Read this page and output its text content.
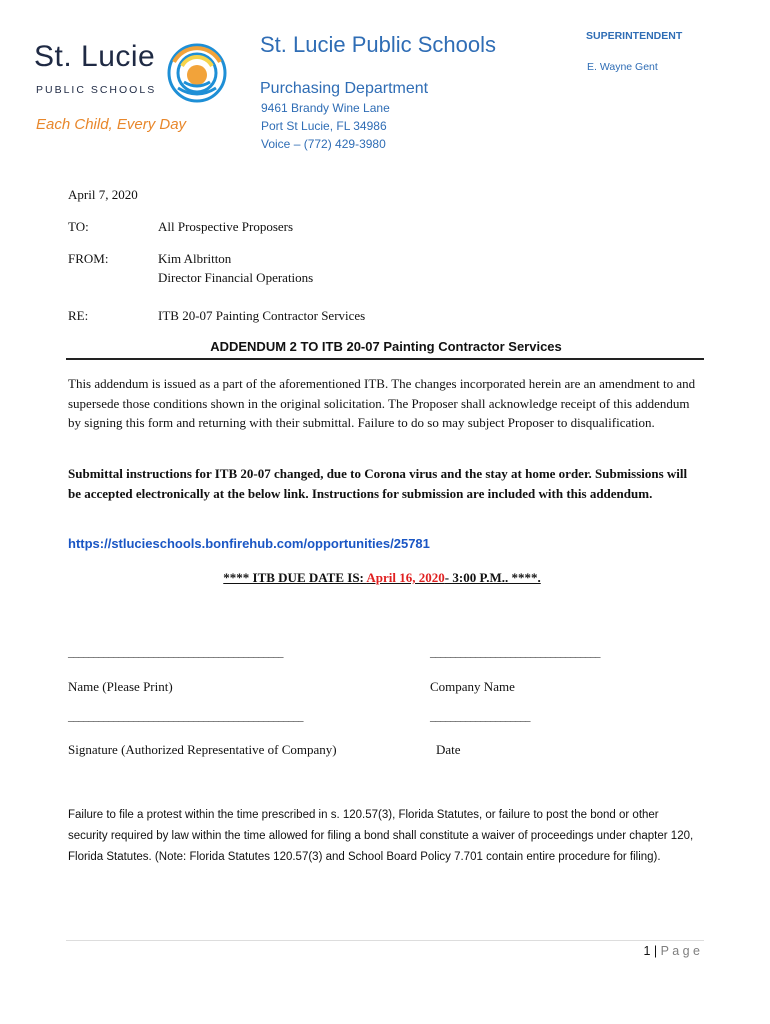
St. Lucie
PUBLIC SCHOOLS
Each Child, Every Day
St. Lucie Public Schools
Purchasing Department
9461 Brandy Wine Lane
Port St Lucie, FL 34986
Voice – (772) 429-3980
SUPERINTENDENT
E. Wayne Gent
April 7, 2020
TO:	All Prospective Proposers
FROM:	Kim Albritton
Director Financial Operations
RE:	ITB 20-07 Painting Contractor Services
ADDENDUM 2 TO ITB 20-07 Painting Contractor Services
This addendum is issued as a part of the aforementioned ITB. The changes incorporated herein are an amendment to and supersede those conditions shown in the original solicitation. The Proposer shall acknowledge receipt of this addendum by signing this form and returning with their submittal. Failure to do so may subject Proposer to disqualification.
Submittal instructions for ITB 20-07 changed, due to Corona virus and the stay at home order. Submissions will be accepted electronically at the below link. Instructions for submission are included with this addendum.
https://stlucieschools.bonfirehub.com/opportunities/25781
**** ITB DUE DATE IS: April 16, 2020- 3:00 P.M.. ****.
___________________________________________	__________________________________
Name (Please Print)	Company Name
_______________________________________________	____________________
Signature (Authorized Representative of Company)	Date
Failure to file a protest within the time prescribed in s. 120.57(3), Florida Statutes, or failure to post the bond or other security required by law within the time allowed for filing a bond shall constitute a waiver of proceedings under chapter 120, Florida Statutes. (Note: Florida Statutes 120.57(3) and School Board Policy 7.701 contain entire procedure for filing).
1 | P a g e
